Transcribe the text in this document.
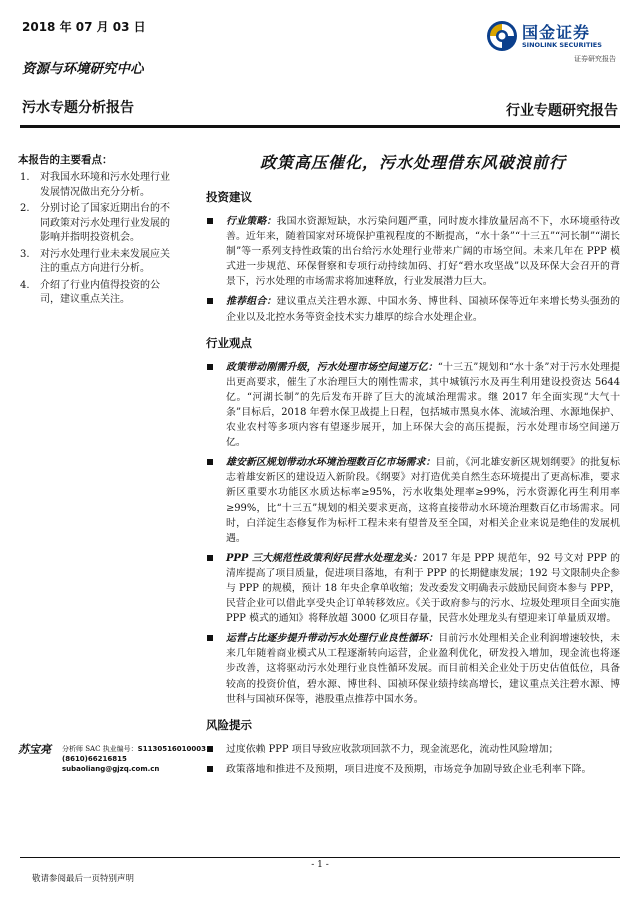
2018 年 07 月 03 日
资源与环境研究中心
污水专题分析报告	行业专题研究报告
国金证券
SINOLINK SECURITIES
证券研究报告
本报告的主要看点：
1.	对我国水环境和污水处理行业发展情况做出充分分析。
2.	分别讨论了国家近期出台的不同政策对污水处理行业发展的影响并指明投资机会。
3.	对污水处理行业未来发展应关注的重点方向进行分析。
4.	介绍了行业内值得投资的公司，建议重点关注。
苏宝亮 分析师 SAC 执业编号：S1130516010003
(8610)66216815
subaoliang@gjzq.com.cn
政策高压催化，污水处理借东风破浪前行
投资建议
行业策略：我国水资源短缺，水污染问题严重，同时废水排放量居高不下，水环境亟待改善。近年来，随着国家对环境保护重视程度的不断提高，“水十条”“十三五”“河长制”“湖长制”等一系列支持性政策的出台给污水处理行业带来广阔的市场空间。未来几年在 PPP 模式进一步规范、环保督察和专项行动持续加码、打好“碧水攻坚战”以及环保大会召开的背景下，污水处理的市场需求将加速释放，行业发展潜力巨大。
推荐组合：建议重点关注碧水源、中国水务、博世科、国祯环保等近年来增长势头强劲的企业以及北控水务等资金技术实力雄厚的综合水处理企业。
行业观点
政策带动刚需升级，污水处理市场空间递万亿：“十三五”规划和“水十条”对于污水处理提出更高要求，催生了水治理巨大的刚性需求，其中城镇污水及再生利用建设投资达 5644 亿。“河湖长制”的先后发布开辟了巨大的流域治理需求。继 2017 年全面实现“大气十条”目标后，2018 年碧水保卫战提上日程，包括城市黑臭水体、流域治理、水源地保护、农业农村等多项内容有望逐步展开，加上环保大会的高压提振，污水处理市场空间递万亿。
雄安新区规划带动水环境治理数百亿市场需求：目前，《河北雄安新区规划纲要》的批复标志着雄安新区的建设迈入新阶段。《纲要》对打造优美自然生态环境提出了更高标准，要求新区重要水功能区水质达标率≥95%，污水收集处理率≥99%，污水资源化再生利用率≥99%，比“十三五”规划的相关要求更高，这将直接带动水环境治理数百亿市场需求。同时，白洋淀生态修复作为标杆工程未来有望普及至全国，对相关企业来说是绝佳的发展机遇。
PPP 三大规范性政策利好民营水处理龙头：2017 年是 PPP 规范年，92 号文对 PPP 的清库提高了项目质量，促进项目落地，有利于 PPP 的长期健康发展；192 号文限制央企参与 PPP 的规模，预计 18 年央企拿单收缩；发改委发文明确表示鼓励民间资本参与 PPP，民营企业可以借此享受央企订单转移效应。《关于政府参与的污水、垃圾处理项目全面实施 PPP 模式的通知》将释放超 3000 亿项目存量，民营水处理龙头有望迎来订单量质双增。
运营占比逐步提升带动污水处理行业良性循环：目前污水处理相关企业利润增速较快，未来几年随着商业模式从工程逐渐转向运营，企业盈利优化，研发投入增加，现金流也将逐步改善，这将驱动污水处理行业良性循环发展。而目前相关企业处于历史估值低位，具备较高的投资价值，碧水源、博世科、国祯环保业绩持续高增长，建议重点关注碧水源、博世科与国祯环保等，港股重点推荐中国水务。
风险提示
过度依赖 PPP 项目导致应收款项回款不力，现金流恶化，流动性风险增加；
政策落地和推进不及预期，项目进度不及预期，市场竞争加剧导致企业毛利率下降。
- 1 -
敬请参阅最后一页特别声明
